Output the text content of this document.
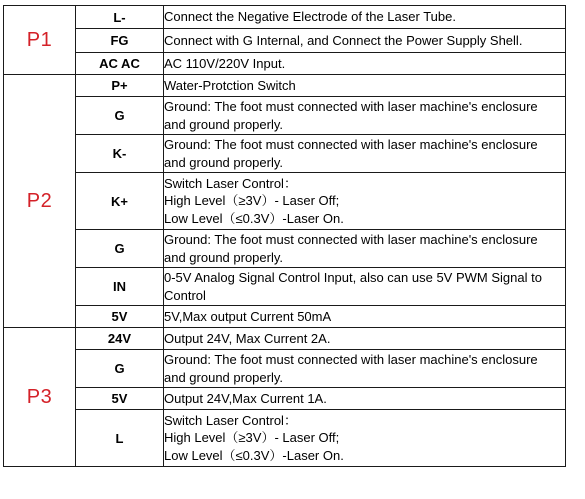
P1	L-	Connect the Negative Electrode of the Laser Tube.

	FG	Connect with G Internal, and Connect the Power Supply Shell.

	AC AC	AC 110V/220V Input.

P2	P+	Water-Protction Switch

	G	Ground: The foot must connected with laser machine's enclosure
and ground properly.

	K-	Ground: The foot must connected with laser machine's enclosure
and ground properly.

	K+	Switch Laser Control：
High Level（≥3V）- Laser Off;
Low Level（≤0.3V）-Laser On.

	G	Ground: The foot must connected with laser machine's enclosure
and ground properly.

	IN	0-5V Analog Signal Control Input, also can use 5V PWM Signal to
Control

	5V	5V,Max output Current 50mA

P3	24V	Output 24V, Max Current 2A.

	G	Ground: The foot must connected with laser machine's enclosure
and ground properly.

	5V	Output 24V,Max Current 1A.

	L	Switch Laser Control：
High Level（≥3V）- Laser Off;
Low Level（≤0.3V）-Laser On.
